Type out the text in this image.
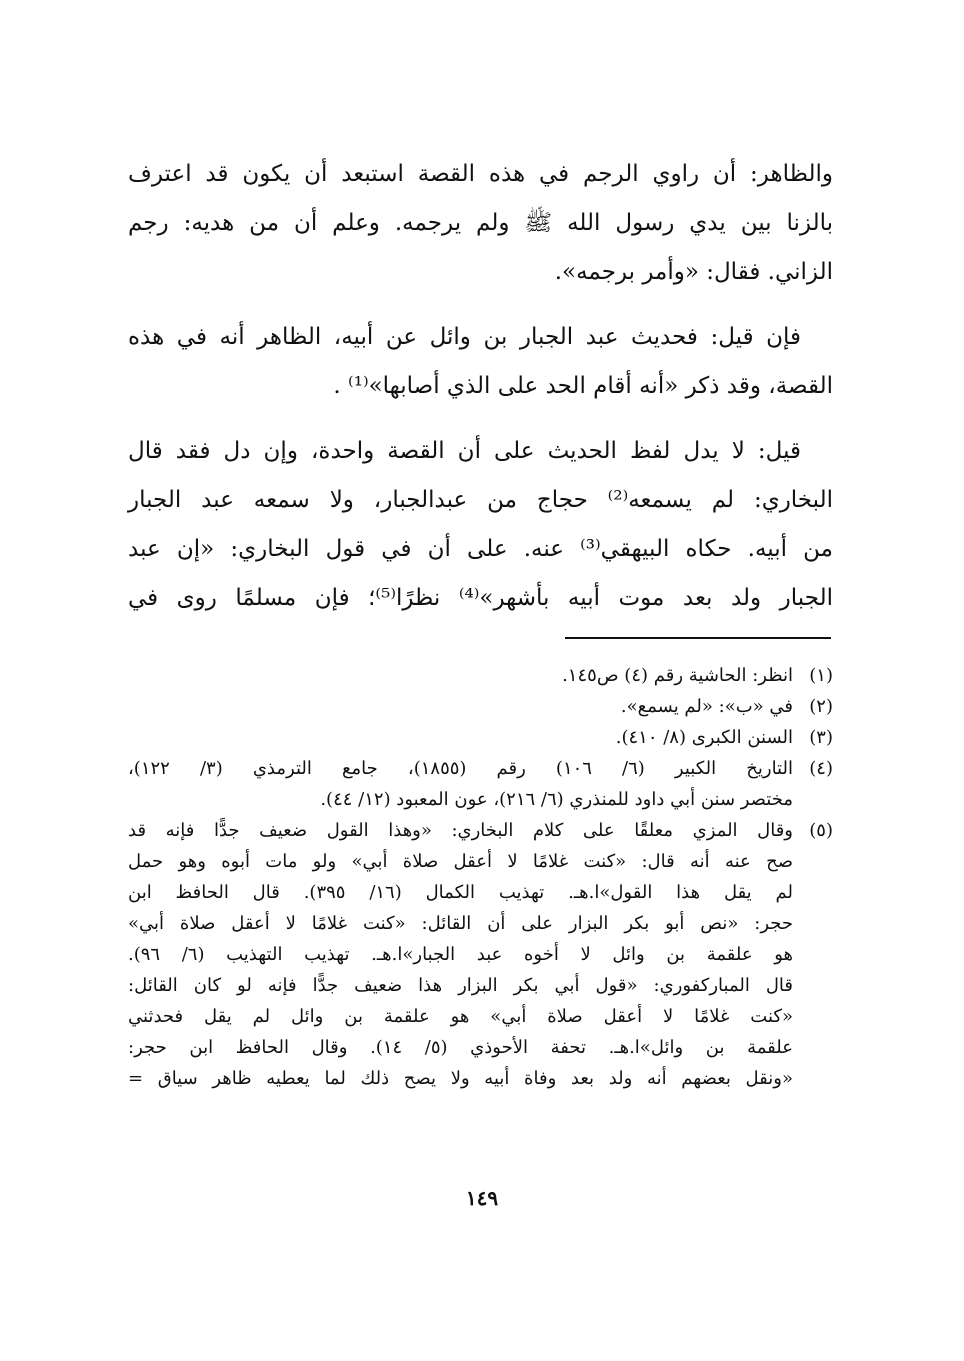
والظاهر: أن راوي الرجم في هذه القصة استبعد أن يكون قد اعترف
بالزنا بين يدي رسول الله ﷺ ولم يرجمه. وعلم أن من هديه: رجم
الزاني. فقال: «وأمر برجمه».

فإن قيل: فحديث عبد الجبار بن وائل عن أبيه، الظاهر أنه في هذه
القصة، وقد ذكر «أنه أقام الحد على الذي أصابها»⁽¹⁾ .

قيل: لا يدل لفظ الحديث على أن القصة واحدة، وإن دل فقد قال
البخاري: لم يسمعه⁽²⁾ حجاج من عبدالجبار، ولا سمعه عبد الجبار
من أبيه. حكاه البيهقي⁽³⁾ عنه. على أن في قول البخاري: «إن عبد
الجبار ولد بعد موت أبيه بأشهر»⁽⁴⁾ نظرًا⁽⁵⁾؛ فإن مسلمًا روى في

(١)
انظر: الحاشية رقم (٤) ص١٤٥.
(٢)
في «ب»: «لم يسمع».
(٣)
السنن الكبرى (٨/ ٤١٠).
(٤)
التاريخ الكبير (٦/ ١٠٦) رقم (١٨٥٥)، جامع الترمذي (٣/ ١٢٢)،
مختصر سنن أبي داود للمنذري (٦/ ٢١٦)، عون المعبود (١٢/ ٤٤).
(٥)
وقال المزي معلقًا على كلام البخاري: «وهذا القول ضعيف جدًّا فإنه قد
صح عنه أنه قال: «كنت غلامًا لا أعقل صلاة أبي» ولو مات أبوه وهو حمل
لم يقل هذا القول»ا.هـ. تهذيب الكمال (١٦/ ٣٩٥). قال الحافظ ابن
حجر: «نص أبو بكر البزار على أن القائل: «كنت غلامًا لا أعقل صلاة أبي»
هو علقمة بن وائل لا أخوه عبد الجبار»ا.هـ. تهذيب التهذيب (٦/ ٩٦).
قال المباركفوري: «قول أبي بكر البزار هذا ضعيف جدًّا فإنه لو كان القائل:
«كنت غلامًا لا أعقل صلاة أبي» هو علقمة بن وائل لم يقل فحدثني
علقمة بن وائل»ا.هـ. تحفة الأحوذي (٥/ ١٤). وقال الحافظ ابن حجر:
«ونقل بعضهم أنه ولد بعد وفاة أبيه ولا يصح ذلك لما يعطيه ظاهر سياق =
١٤٩
